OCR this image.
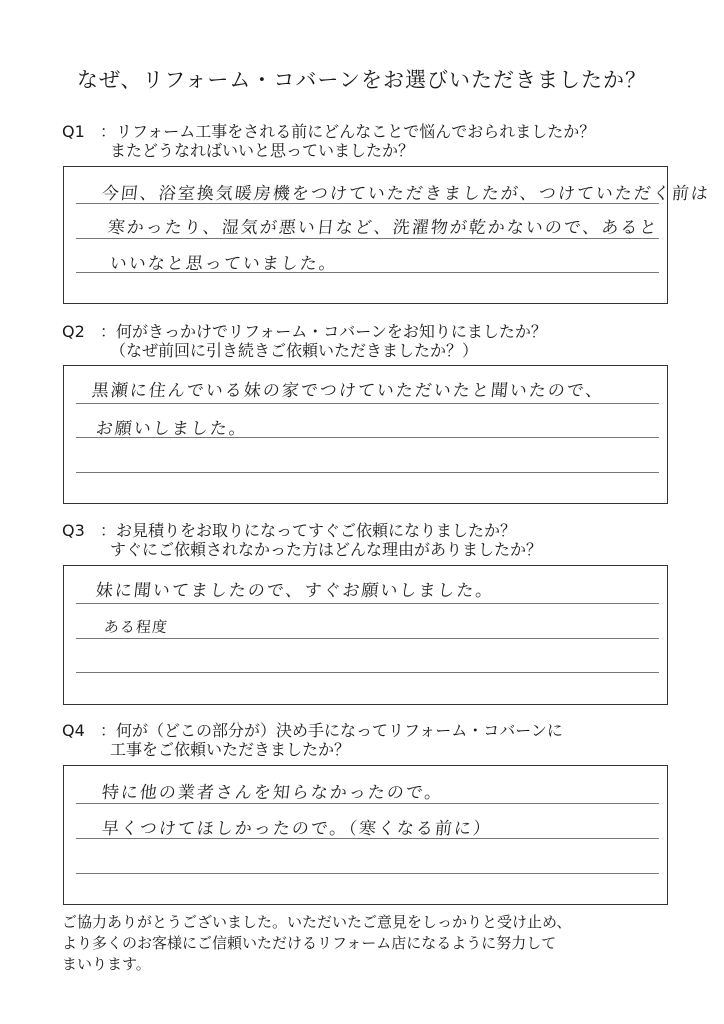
なぜ、リフォーム・コバーンをお選びいただきましたか？
Q1 ：リフォーム工事をされる前にどんなことで悩んでおられましたか？
またどうなればいいと思っていましたか？
今回、浴室換気暖房機をつけていただきましたが、つけていただく前は
寒かったり、湿気が悪い日など、洗濯物が乾かないので、あると
いいなと思っていました。
Q2 ：何がきっかけでリフォーム・コバーンをお知りにましたか？
（なぜ前回に引き続きご依頼いただきましたか？）
黒瀬に住んでいる妹の家でつけていただいたと聞いたので、
お願いしました。
Q3 ：お見積りをお取りになってすぐご依頼になりましたか？
すぐにご依頼されなかった方はどんな理由がありましたか？
妹に聞いてましたので、すぐお願いしました。
ある程度
Q4 ：何が（どこの部分が）決め手になってリフォーム・コバーンに
工事をご依頼いただきましたか？
特に他の業者さんを知らなかったので。
早くつけてほしかったので。（寒くなる前に）
ご協力ありがとうございました。いただいたご意見をしっかりと受け止め、
より多くのお客様にご信頼いただけるリフォーム店になるように努力して
まいります。
